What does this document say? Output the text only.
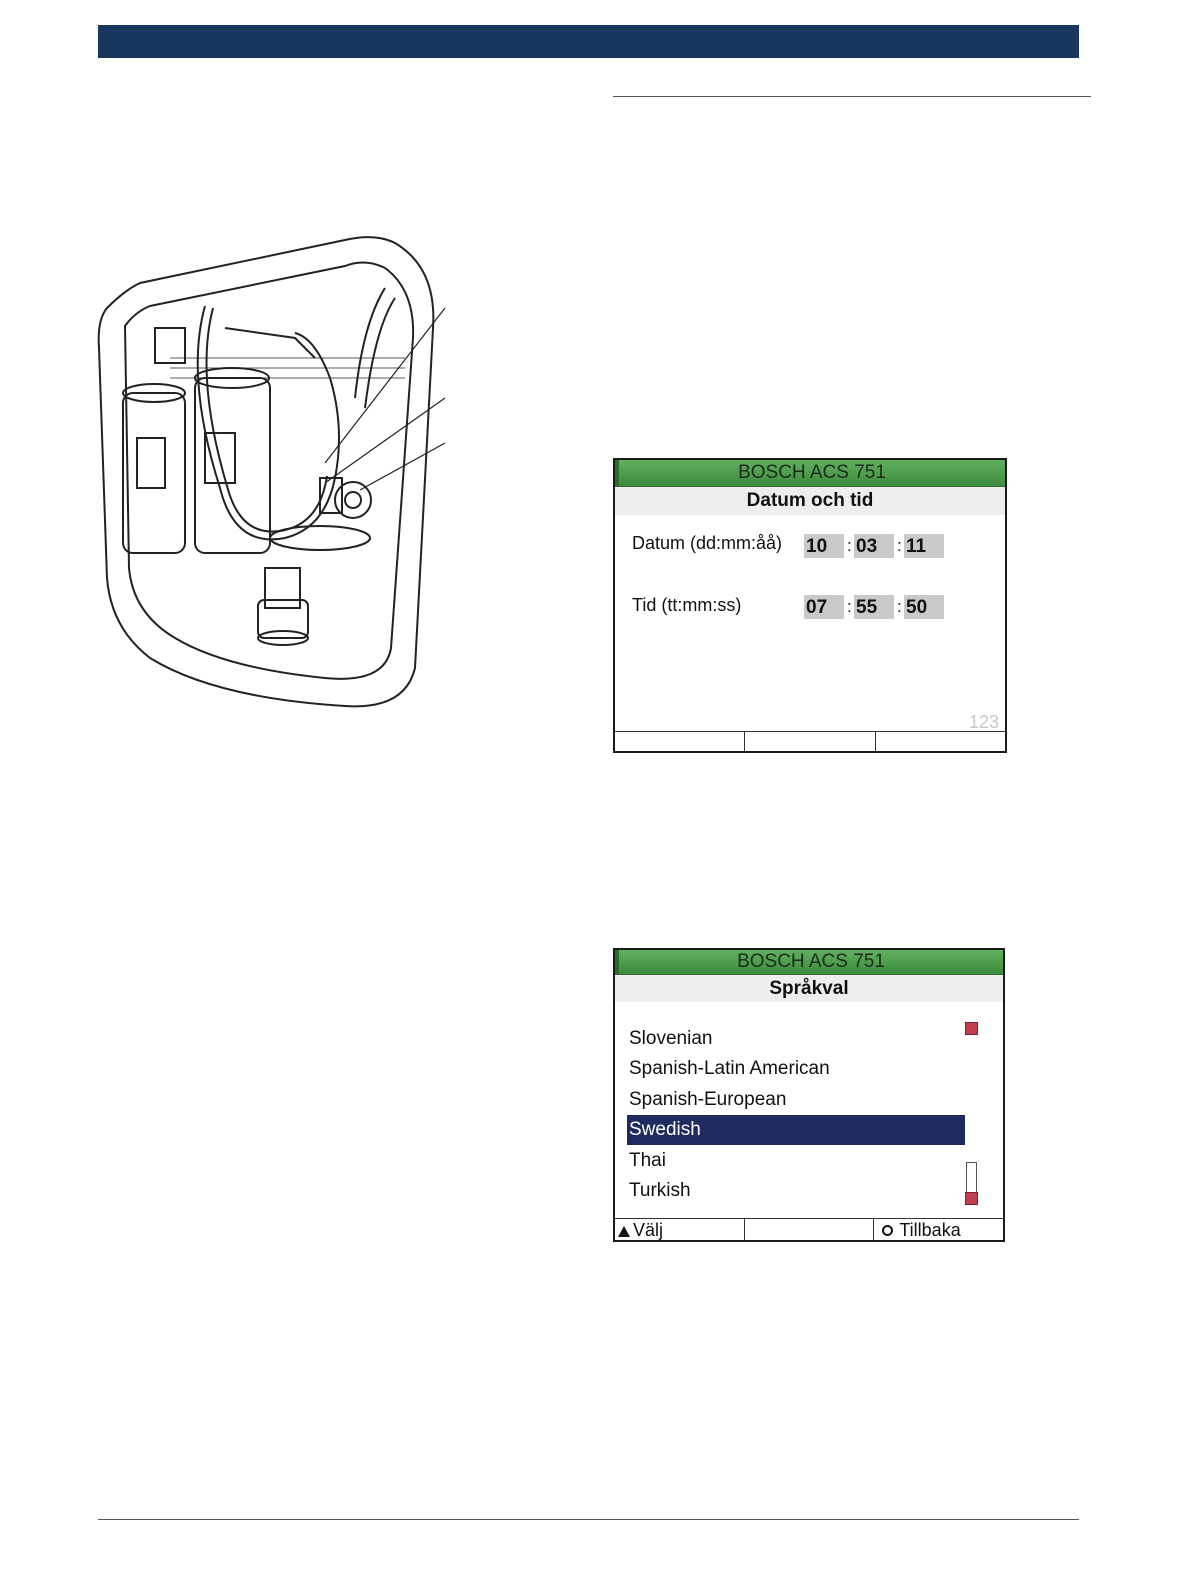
BOSCH ACS 751
Datum och tid
Datum (dd:mm:åå) 10	: 03	: 11
Tid (tt:mm:ss)	07	: 55	: 50
123
BOSCH ACS 751
Språkval
Slovenian
Spanish-Latin American
Spanish-European
Swedish
Thai
Turkish
Välj	Tillbaka
